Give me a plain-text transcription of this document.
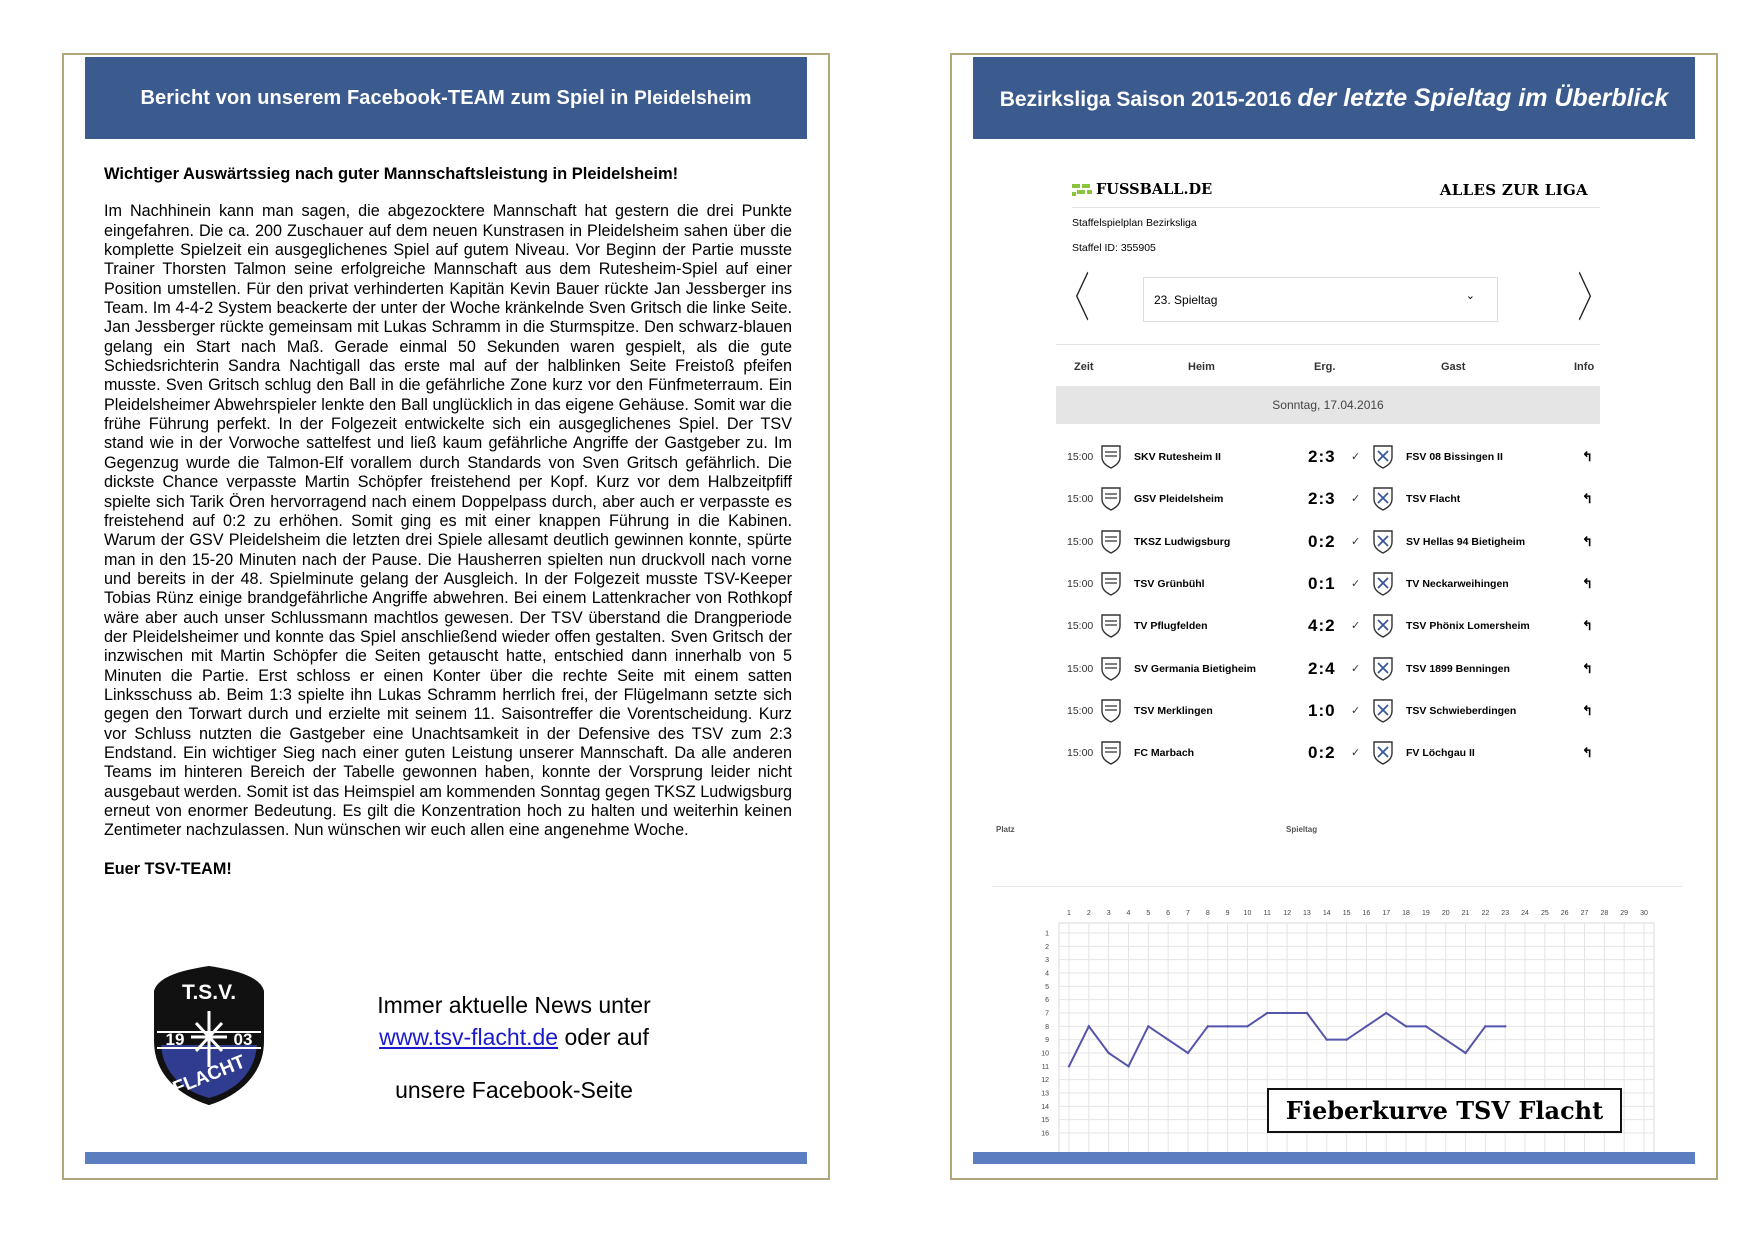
Bericht von unserem Facebook-TEAM zum Spiel in Pleidelsheim
Wichtiger Auswärtssieg nach guter Mannschaftsleistung in Pleidelsheim!

Im Nachhinein kann man sagen, die abgezocktere Mannschaft hat gestern die drei Punkte eingefahren. Die ca. 200 Zuschauer auf dem neuen Kunstrasen in Pleidelsheim sahen über die komplette Spielzeit ein ausgeglichenes Spiel auf gutem Niveau. Vor Beginn der Partie musste Trainer Thorsten Talmon seine erfolgreiche Mannschaft aus dem Rutesheim-Spiel auf einer Position umstellen. Für den privat verhinderten Kapitän Kevin Bauer rückte Jan Jessberger ins Team. Im 4-4-2 System beackerte der unter der Woche kränkelnde Sven Gritsch die linke Seite. Jan Jessberger rückte gemeinsam mit Lukas Schramm in die Sturmspitze. Den schwarz-blauen gelang ein Start nach Maß. Gerade einmal 50 Sekunden waren gespielt, als die gute Schiedsrichterin Sandra Nachtigall das erste mal auf der halblinken Seite Freistoß pfeifen musste. Sven Gritsch schlug den Ball in die gefährliche Zone kurz vor den Fünfmeterraum. Ein Pleidelsheimer Abwehrspieler lenkte den Ball unglücklich in das eigene Gehäuse. Somit war die frühe Führung perfekt. In der Folgezeit entwickelte sich ein ausgeglichenes Spiel. Der TSV stand wie in der Vorwoche sattelfest und ließ kaum gefährliche Angriffe der Gastgeber zu. Im Gegenzug wurde die Talmon-Elf vorallem durch Standards von Sven Gritsch gefährlich. Die dickste Chance verpasste Martin Schöpfer freistehend per Kopf. Kurz vor dem Halbzeitpfiff spielte sich Tarik Ören hervorragend nach einem Doppelpass durch, aber auch er verpasste es freistehend auf 0:2 zu erhöhen. Somit ging es mit einer knappen Führung in die Kabinen. Warum der GSV Pleidelsheim die letzten drei Spiele allesamt deutlich gewinnen konnte, spürte man in den 15-20 Minuten nach der Pause. Die Hausherren spielten nun druckvoll nach vorne und bereits in der 48. Spielminute gelang der Ausgleich. In der Folgezeit musste TSV-Keeper Tobias Rünz einige brandgefährliche Angriffe abwehren. Bei einem Lattenkracher von Rothkopf wäre aber auch unser Schlussmann machtlos gewesen. Der TSV überstand die Drangperiode der Pleidelsheimer und konnte das Spiel anschließend wieder offen gestalten. Sven Gritsch der inzwischen mit Martin Schöpfer die Seiten getauscht hatte, entschied dann innerhalb von 5 Minuten die Partie. Erst schloss er einen Konter über die rechte Seite mit einem satten Linksschuss ab. Beim 1:3 spielte ihn Lukas Schramm herrlich frei, der Flügelmann setzte sich gegen den Torwart durch und erzielte mit seinem 11. Saisontreffer die Vorentscheidung. Kurz vor Schluss nutzten die Gastgeber eine Unachtsamkeit in der Defensive des TSV zum 2:3 Endstand. Ein wichtiger Sieg nach einer guten Leistung unserer Mannschaft. Da alle anderen Teams im hinteren Bereich der Tabelle gewonnen haben, konnte der Vorsprung leider nicht ausgebaut werden. Somit ist das Heimspiel am kommenden Sonntag gegen TKSZ Ludwigsburg erneut von enormer Bedeutung. Es gilt die Konzentration hoch zu halten und weiterhin keinen Zentimeter nachzulassen. Nun wünschen wir euch allen eine angenehme Woche.

Euer TSV-TEAM!

T.S.V.
19	03
FLACHT
Immer aktuelle News unter
www.tsv-flacht.de oder auf
unsere Facebook-Seite
Bezirksliga Saison 2015-2016 der letzte Spieltag im Überblick
FUSSBALL.DE	ALLES ZUR LIGA
Staffelspielplan Bezirksliga
Staffel ID: 355905
〈	23. Spieltag	⌄ 〉
Zeit	Heim	Erg.	Gast	Info
Sonntag, 17.04.2016
15:00	SKV Rutesheim II	2:3 ✓	FSV 08 Bissingen II	↰
15:00	GSV Pleidelsheim	2:3 ✓	TSV Flacht	↰
15:00	TKSZ Ludwigsburg	0:2 ✓	SV Hellas 94 Bietigheim	↰
15:00	TSV Grünbühl	0:1 ✓	TV Neckarweihingen	↰
15:00	TV Pflugfelden	4:2 ✓	TSV Phönix Lomersheim	↰
15:00	SV Germania Bietigheim	2:4 ✓	TSV 1899 Benningen	↰
15:00	TSV Merklingen	1:0 ✓	TSV Schwieberdingen	↰
15:00	FC Marbach	0:2 ✓	FV Löchgau II	↰
Platz	Spieltag
1 2 3 4 5 6 7 8 9 10 11 12 13 14 15 16 17 18 19 20 21 22 23 24 25 26 27 28 29 30
1
2
3
4
5
6
7
8
9
10
11
12
13
14
15
16
Fieberkurve TSV Flacht
